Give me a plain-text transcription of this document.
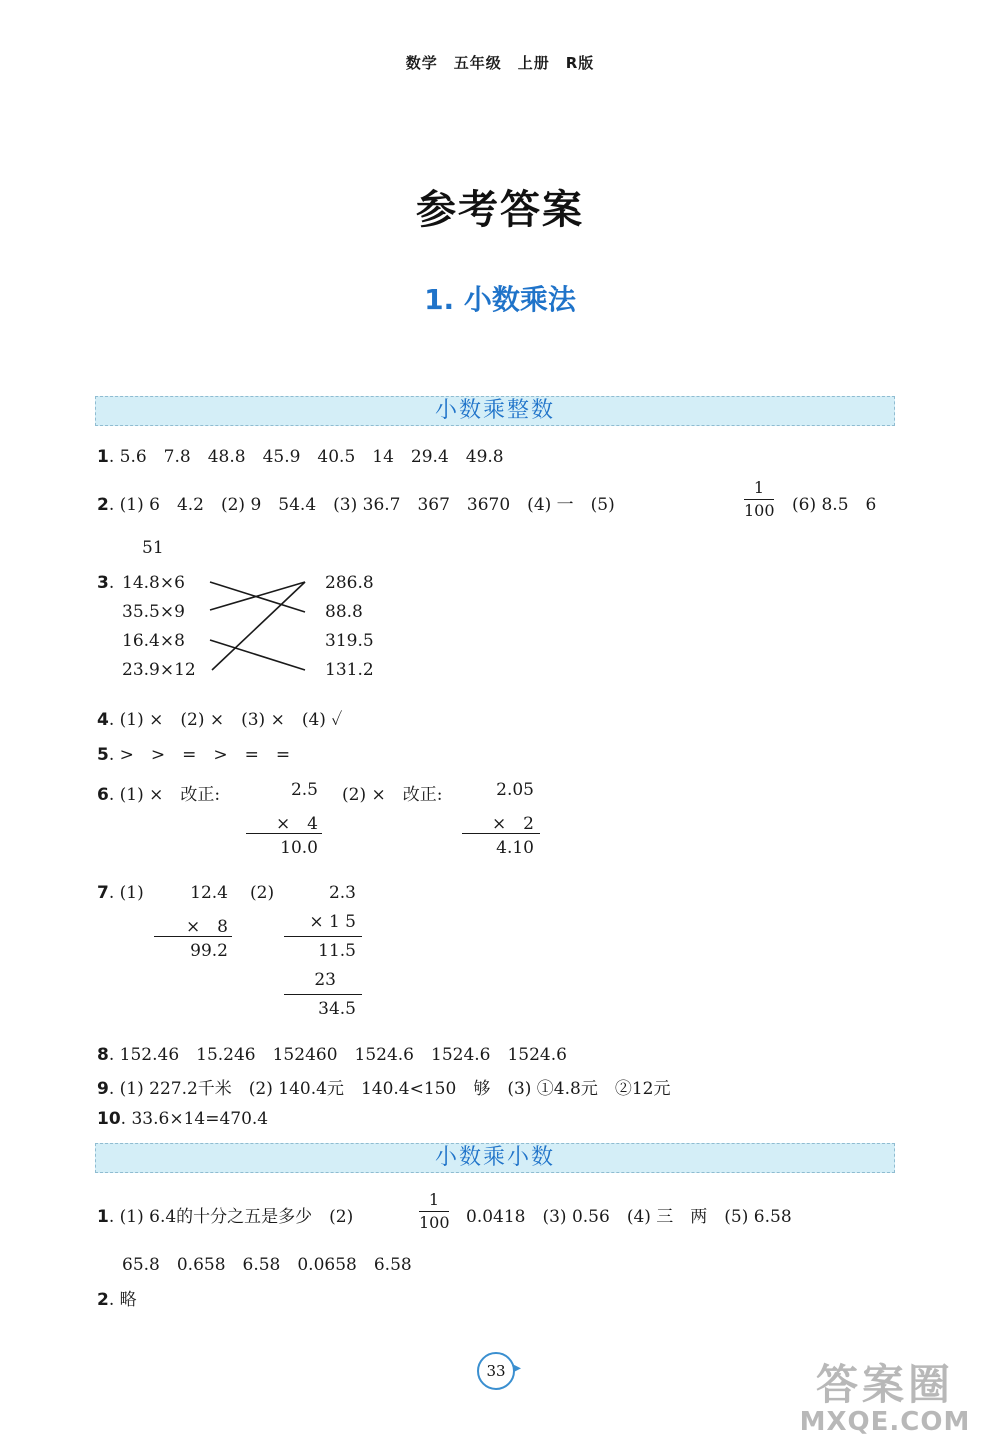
数学　五年级　上册　R版
参考答案
1. 小数乘法
小数乘整数
1. 5.6　7.8　48.8　45.9　40.5　14　29.4　49.8
2. (1) 6　4.2　(2) 9　54.4　(3) 36.7　367　3670　(4) 一　(5)
1
100 (6) 8.5　6
51
3. 14.8×6
35.5×9
16.4×8
23.9×12
286.8
88.8
319.5
131.2
4. (1) ×　(2) ×　(3) ×　(4) ✓
5. >　>　=　>　=　=
6. (1) ×　改正:	2.5
×　4
10.0
(2) ×　改正:	2.05
×　2
4.10
7. (1)	12.4
×　8
99.2
(2)	2.3
× 1 5
11.5
23
34.5
8. 152.46　15.246　152460　1524.6　1524.6　1524.6
9. (1) 227.2千米　(2) 140.4元　140.4<150　够　(3) ①4.8元　②12元
10. 33.6×14=470.4
小数乘小数
1. (1) 6.4的十分之五是多少　(2)
1
100 0.0418　(3) 0.56　(4) 三　两　(5) 6.58
65.8　0.658　6.58　0.0658　6.58
2. 略
33 ▸	答案圈
MXQE.COM
